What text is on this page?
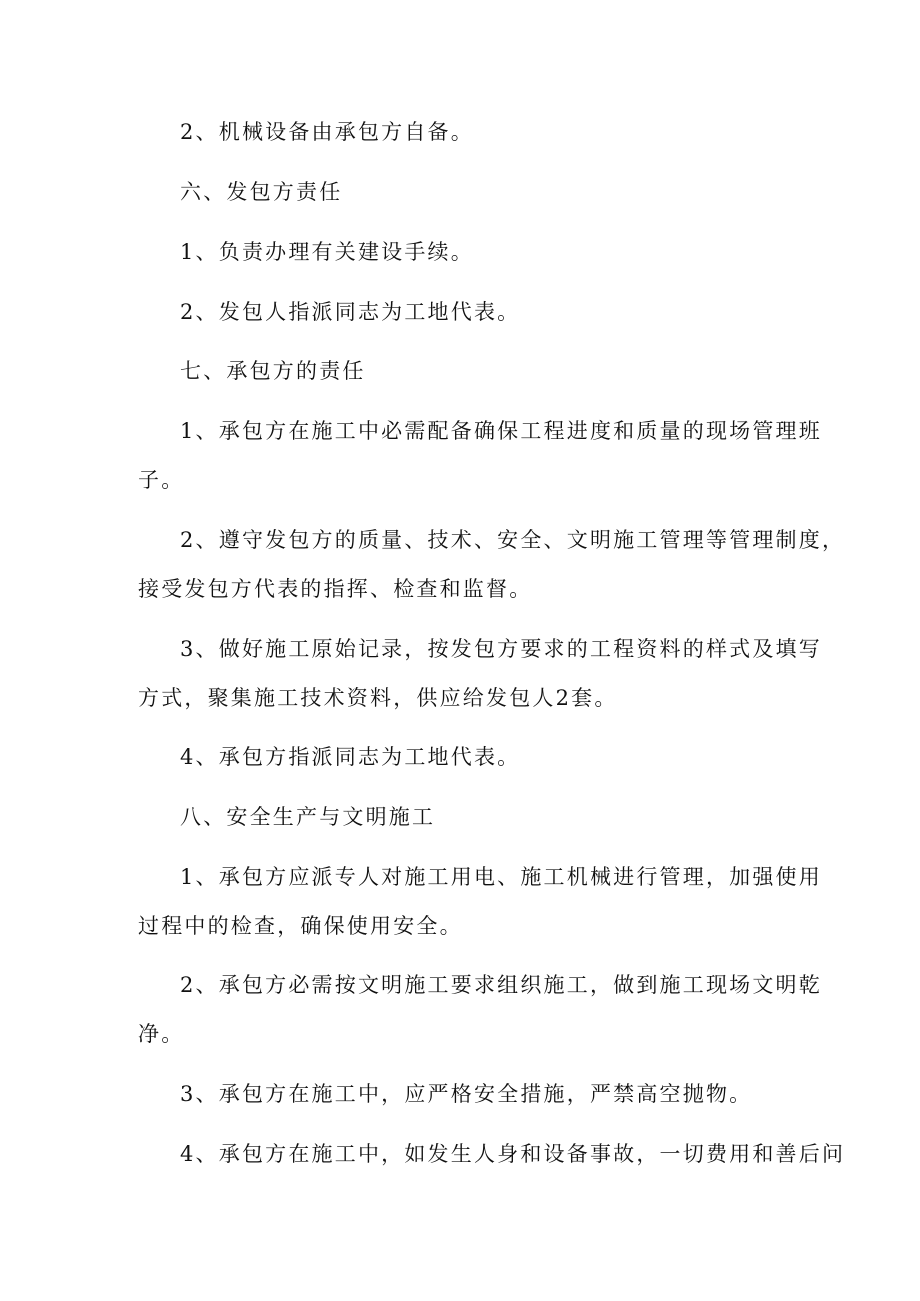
2、机械设备由承包方自备。
六、发包方责任
1、负责办理有关建设手续。
2、发包人指派同志为工地代表。
七、承包方的责任
1、承包方在施工中必需配备确保工程进度和质量的现场管理班
子。
2、遵守发包方的质量、技术、安全、文明施工管理等管理制度，
接受发包方代表的指挥、检查和监督。
3、做好施工原始记录，按发包方要求的工程资料的样式及填写
方式，聚集施工技术资料，供应给发包人2套。
4、承包方指派同志为工地代表。
八、安全生产与文明施工
1、承包方应派专人对施工用电、施工机械进行管理，加强使用
过程中的检查，确保使用安全。
2、承包方必需按文明施工要求组织施工，做到施工现场文明乾
净。
3、承包方在施工中，应严格安全措施，严禁高空抛物。
4、承包方在施工中，如发生人身和设备事故，一切费用和善后问
